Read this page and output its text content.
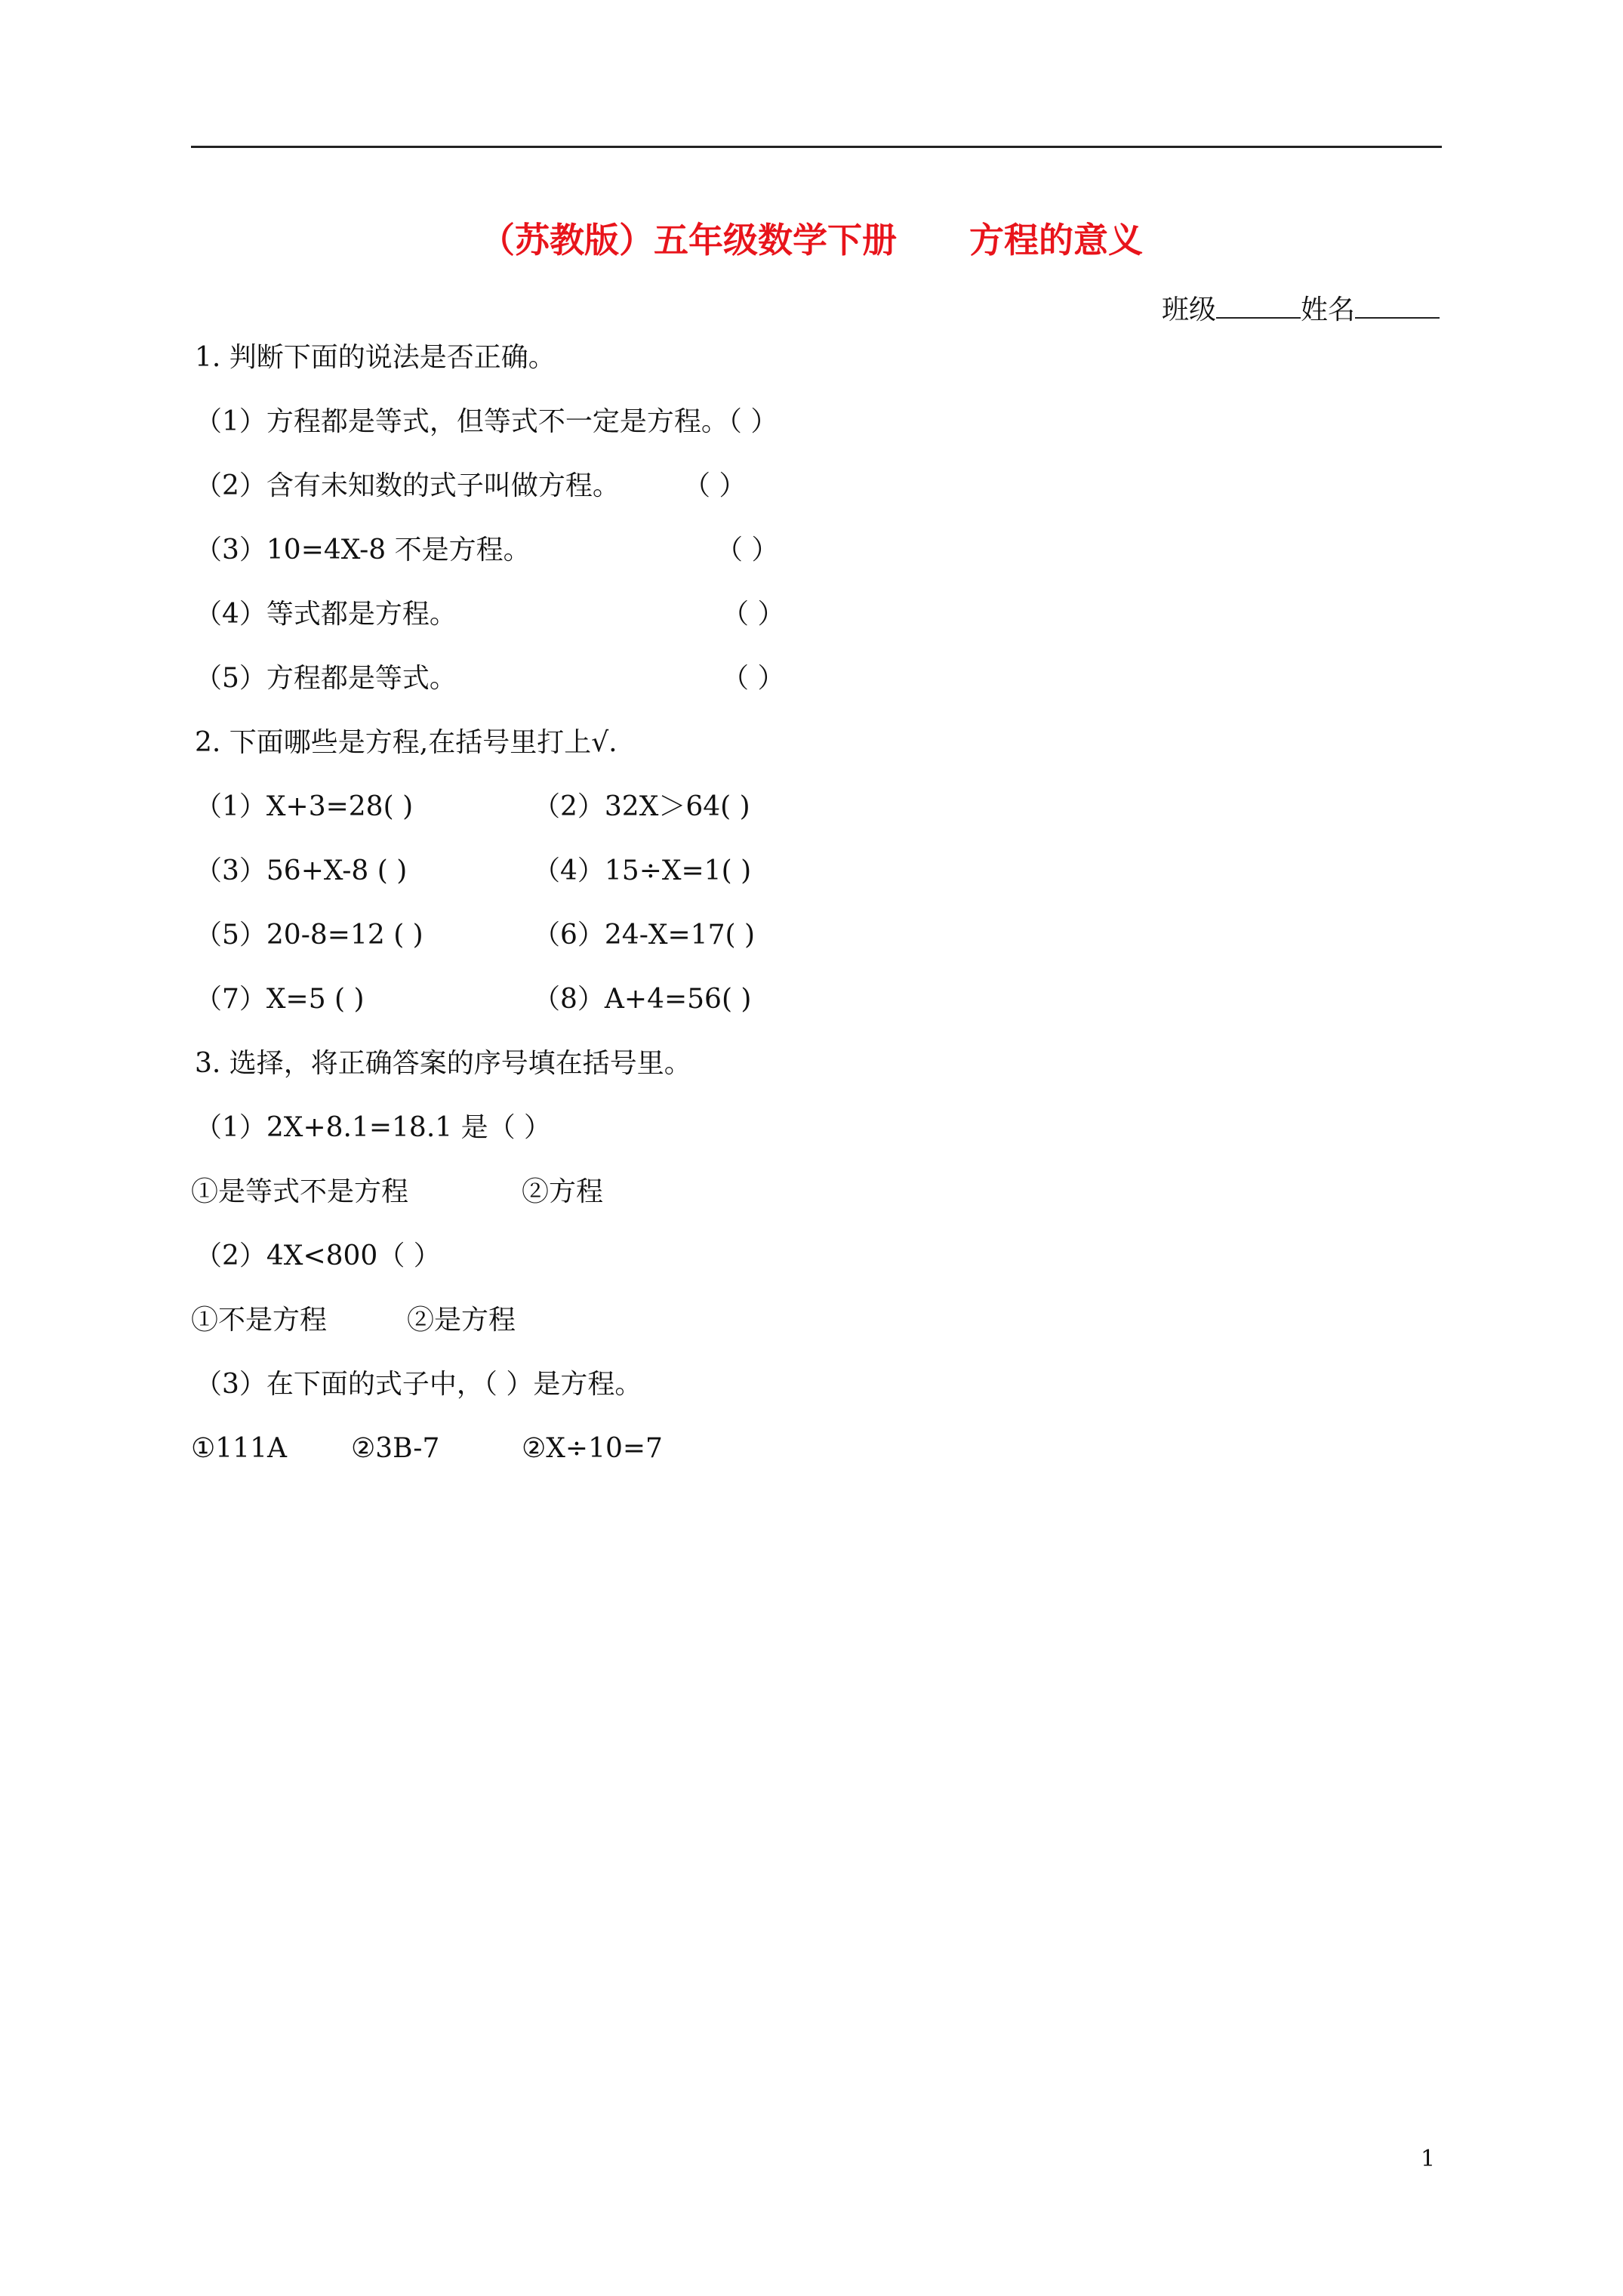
（苏教版）五年级数学下册      方程的意义
班级	姓名
1. 判断下面的说法是否正确。
（1）方程都是等式，但等式不一定是方程。（ ）
（2）含有未知数的式子叫做方程。 （ ）
（3）10=4X-8 不是方程。	（ ）
（4）等式都是方程。	（ ）
（5）方程都是等式。	（ ）
2. 下面哪些是方程,在括号里打上√.
（1）X+3=28( )	（2）32X＞64( )
（3）56+X-8 ( )	（4）15÷X=1( )
（5）20-8=12 ( )	（6）24-X=17( )
（7）X=5 ( )	（8）A+4=56( )
3. 选择，将正确答案的序号填在括号里。
（1）2X+8.1=18.1 是（ ）
①是等式不是方程	②方程
（2）4X<800（ ）
①不是方程	②是方程
（3）在下面的式子中，（ ）是方程。
①111A ②3B-7	②X÷10=7
1
